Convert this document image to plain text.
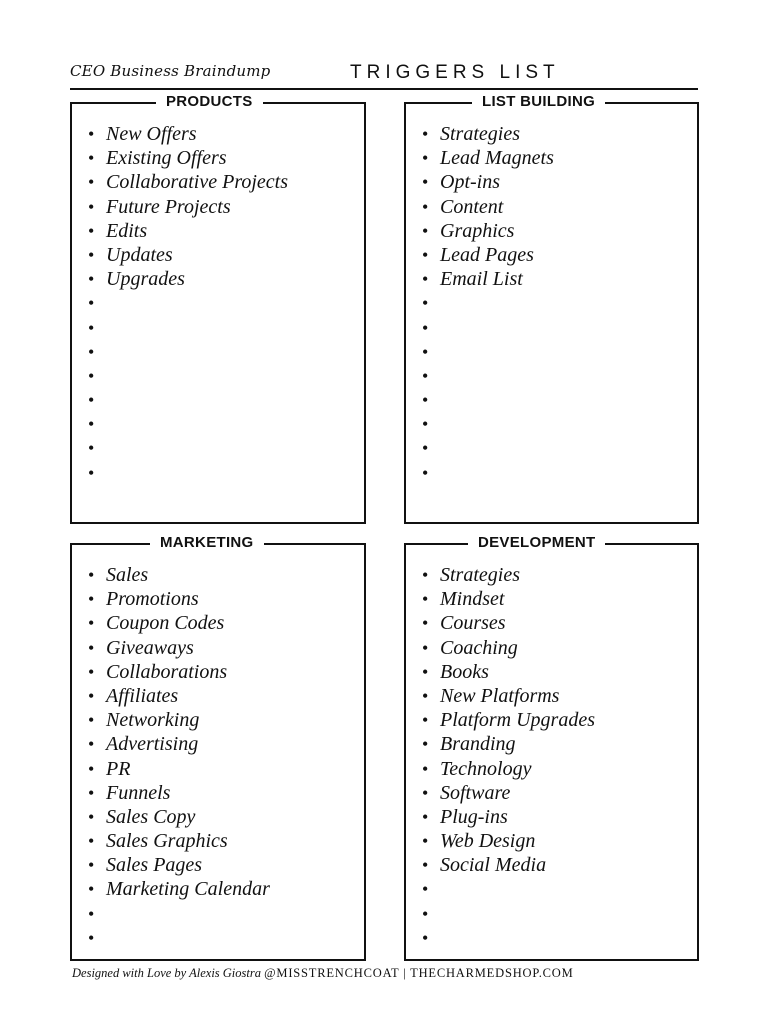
CEO Business Braindump	TRIGGERS LIST
PRODUCTS
• New Offers
• Existing Offers
• Collaborative Projects
• Future Projects
• Edits
• Updates
• Upgrades
•
•
•
•
•
•
•
•
LIST BUILDING
• Strategies
• Lead Magnets
• Opt-ins
• Content
• Graphics
• Lead Pages
• Email List
•
•
•
•
•
•
•
•
MARKETING
• Sales
• Promotions
• Coupon Codes
• Giveaways
• Collaborations
• Affiliates
• Networking
• Advertising
• PR
• Funnels
• Sales Copy
• Sales Graphics
• Sales Pages
• Marketing Calendar
•
•
DEVELOPMENT
• Strategies
• Mindset
• Courses
• Coaching
• Books
• New Platforms
• Platform Upgrades
• Branding
• Technology
• Software
• Plug-ins
• Web Design
• Social Media
•
•
•
Designed with Love by Alexis Giostra @MISSTRENCHCOAT | THECHARMEDSHOP.COM
